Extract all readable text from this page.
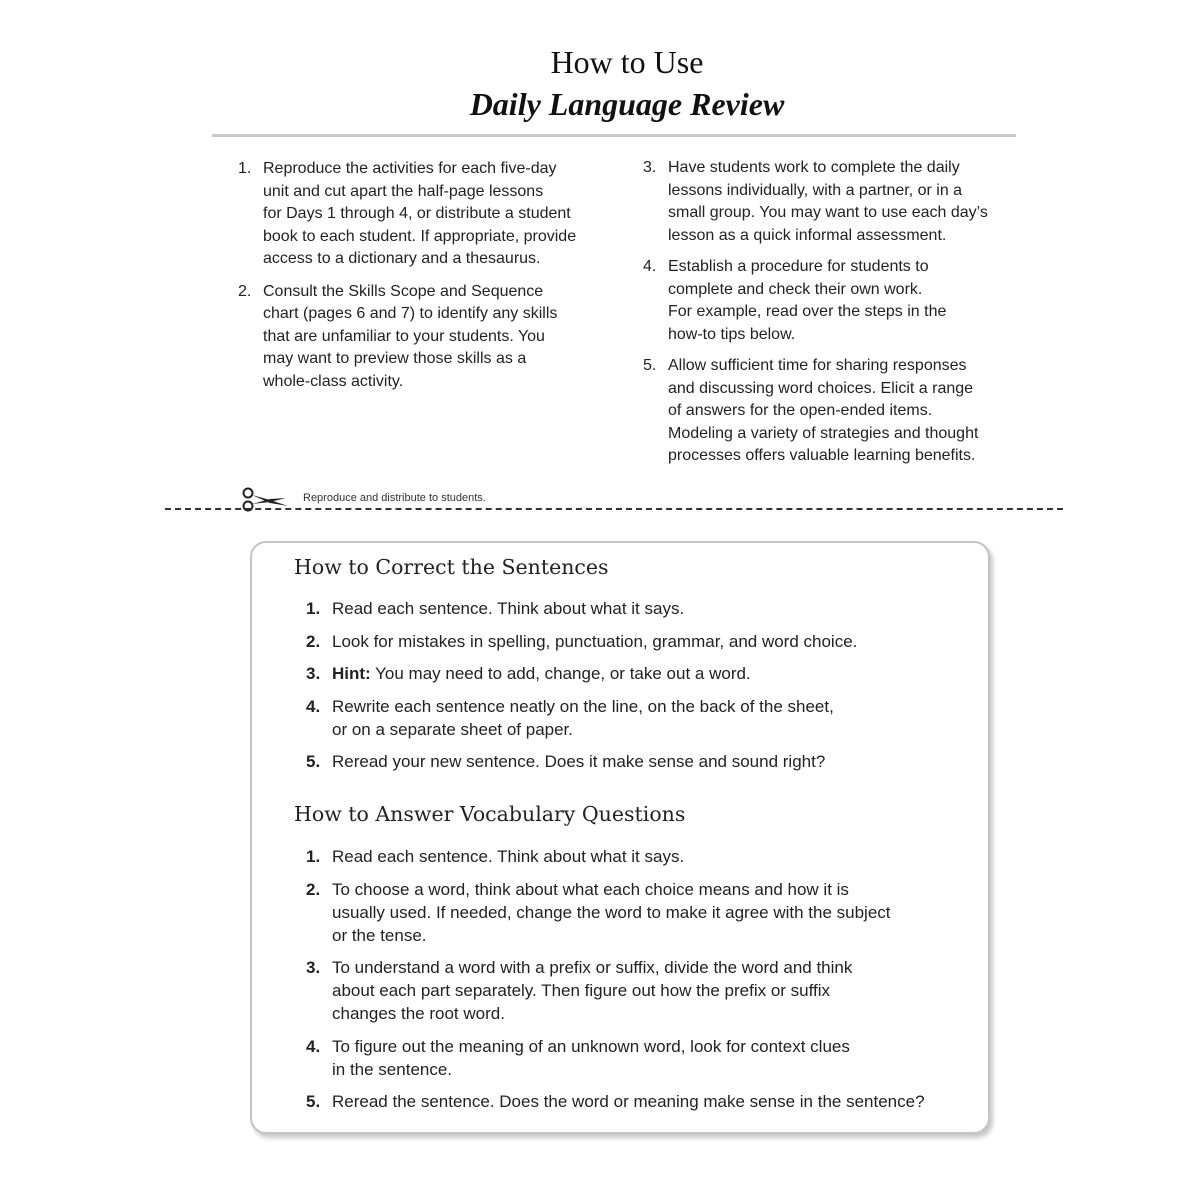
How to Use
Daily Language Review
1. Reproduce the activities for each five-day
unit and cut apart the half-page lessons
for Days 1 through 4, or distribute a student
book to each student. If appropriate, provide
access to a dictionary and a thesaurus.
2. Consult the Skills Scope and Sequence
chart (pages 6 and 7) to identify any skills
that are unfamiliar to your students. You
may want to preview those skills as a
whole-class activity.
3. Have students work to complete the daily
lessons individually, with a partner, or in a
small group. You may want to use each day’s
lesson as a quick informal assessment.
4. Establish a procedure for students to
complete and check their own work.
For example, read over the steps in the
how-to tips below.
5. Allow sufficient time for sharing responses
and discussing word choices. Elicit a range
of answers for the open-ended items.
Modeling a variety of strategies and thought
processes offers valuable learning benefits.
Reproduce and distribute to students.
How to Correct the Sentences
1. Read each sentence. Think about what it says.
2. Look for mistakes in spelling, punctuation, grammar, and word choice.
3. Hint: You may need to add, change, or take out a word.
4. Rewrite each sentence neatly on the line, on the back of the sheet,
or on a separate sheet of paper.
5. Reread your new sentence. Does it make sense and sound right?
How to Answer Vocabulary Questions
1. Read each sentence. Think about what it says.
2. To choose a word, think about what each choice means and how it is
usually used. If needed, change the word to make it agree with the subject
or the tense.
3. To understand a word with a prefix or suffix, divide the word and think
about each part separately. Then figure out how the prefix or suffix
changes the root word.
4. To figure out the meaning of an unknown word, look for context clues
in the sentence.
5. Reread the sentence. Does the word or meaning make sense in the sentence?
